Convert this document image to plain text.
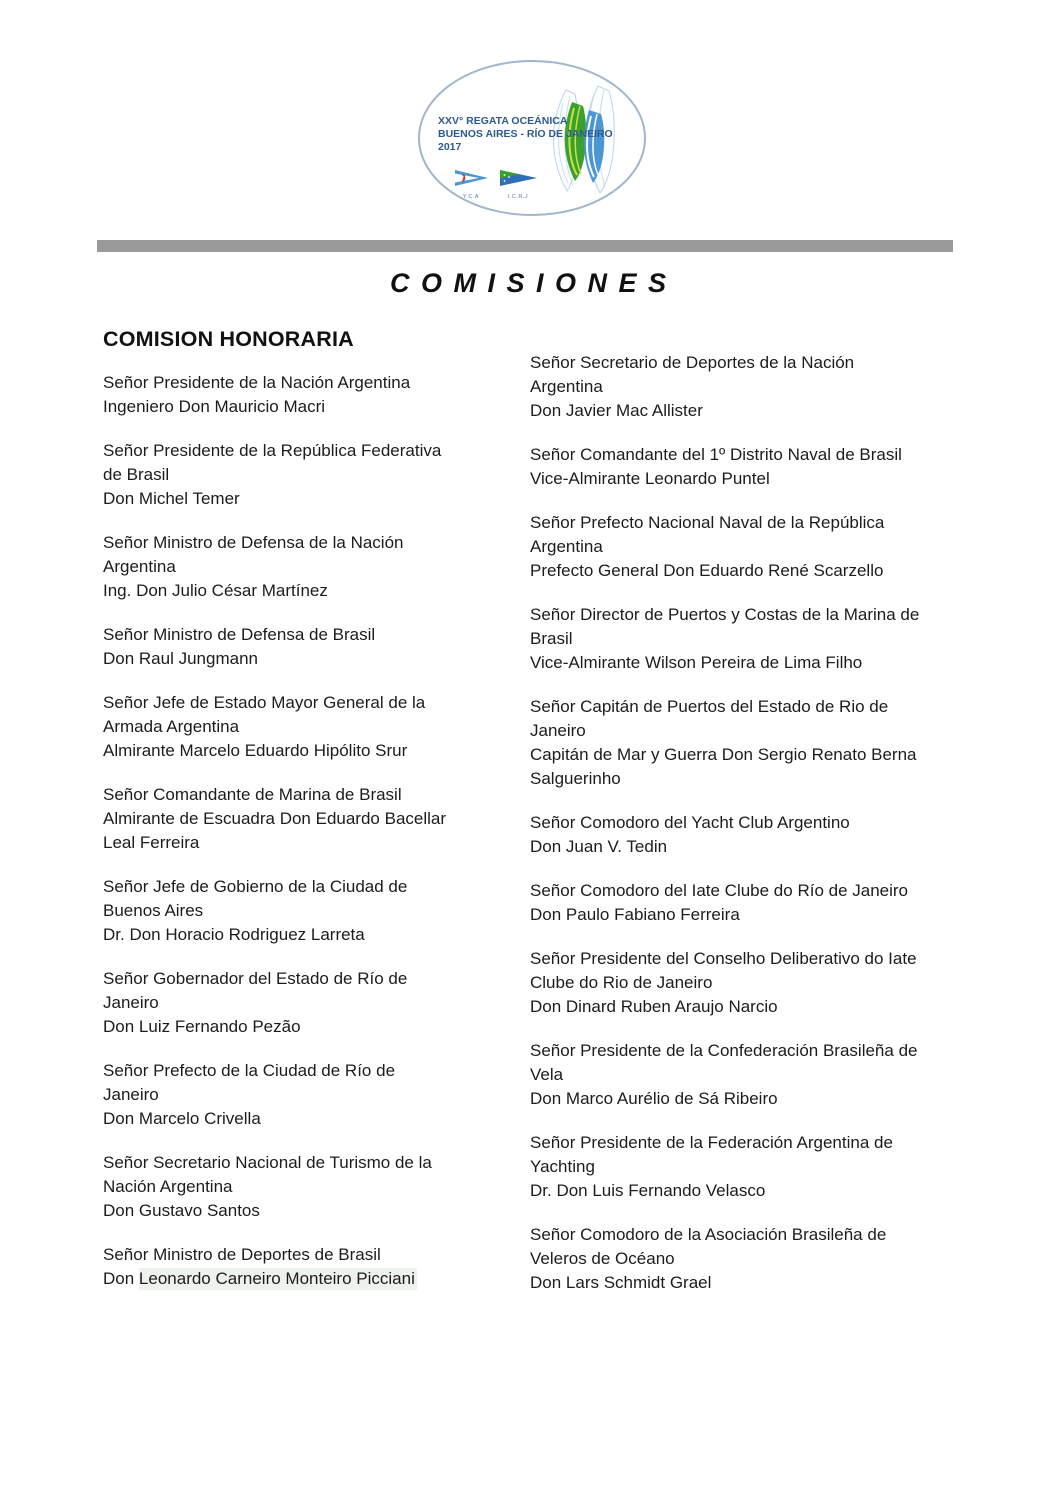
XXV° REGATA OCEÁNICA
BUENOS AIRES - RÍO DE JANEIRO
2017
Y.C.A	I.C.R.J
C O M I S I O N E S
COMISION HONORARIA
Señor Presidente de la Nación Argentina
Ingeniero Don Mauricio Macri
Señor Presidente de la República Federativa
de Brasil
Don Michel Temer
Señor Ministro de Defensa de la Nación
Argentina
Ing. Don Julio César Martínez
Señor Ministro de Defensa de Brasil
Don Raul Jungmann
Señor Jefe de Estado Mayor General de la
Armada Argentina
Almirante Marcelo Eduardo Hipólito Srur
Señor Comandante de Marina de Brasil
Almirante de Escuadra Don Eduardo Bacellar
Leal Ferreira
Señor Jefe de Gobierno de la Ciudad de
Buenos Aires
Dr. Don Horacio Rodriguez Larreta
Señor Gobernador del Estado de Río de
Janeiro
Don Luiz Fernando Pezão
Señor Prefecto de la Ciudad de Río de
Janeiro
Don Marcelo Crivella
Señor Secretario Nacional de Turismo de la
Nación Argentina
Don Gustavo Santos
Señor Ministro de Deportes de Brasil
Don Leonardo Carneiro Monteiro Picciani
Señor Secretario de Deportes de la Nación
Argentina
Don Javier Mac Allister
Señor Comandante del 1º Distrito Naval de Brasil
Vice-Almirante Leonardo Puntel
Señor Prefecto Nacional Naval de la República
Argentina
Prefecto General Don Eduardo René Scarzello
Señor Director de Puertos y Costas de la Marina de
Brasil
Vice-Almirante Wilson Pereira de Lima Filho
Señor Capitán de Puertos del Estado de Rio de
Janeiro
Capitán de Mar y Guerra Don Sergio Renato Berna
Salguerinho
Señor Comodoro del Yacht Club Argentino
Don Juan V. Tedin
Señor Comodoro del Iate Clube do Río de Janeiro
Don Paulo Fabiano Ferreira
Señor Presidente del Conselho Deliberativo do Iate
Clube do Rio de Janeiro
Don Dinard Ruben Araujo Narcio
Señor Presidente de la Confederación Brasileña de
Vela
Don Marco Aurélio de Sá Ribeiro
Señor Presidente de la Federación Argentina de
Yachting
Dr. Don Luis Fernando Velasco
Señor Comodoro de la Asociación Brasileña de
Veleros de Océano
Don Lars Schmidt Grael
